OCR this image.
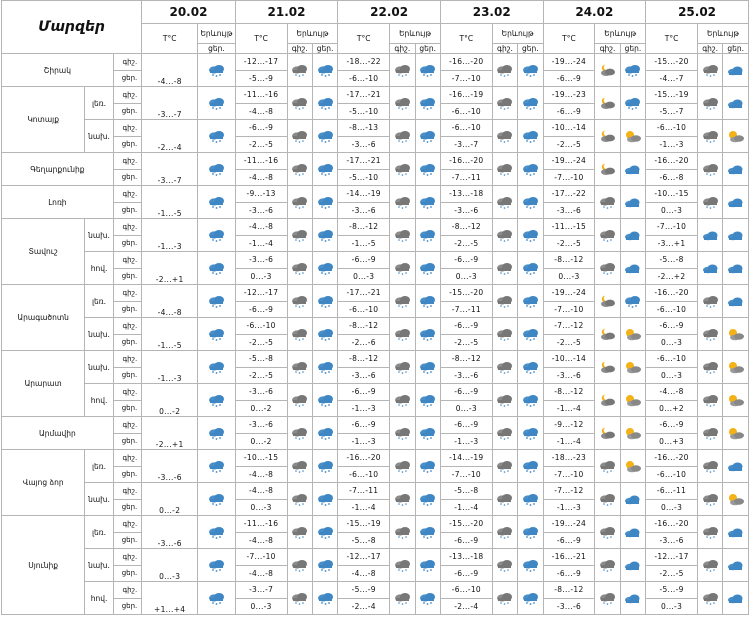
Մարզեր			20.02		21.02			22.02			23.02			24.02			25.02		
			T°C	Երևույթ	T°C	Երևույթ		T°C	Երևույթ		T°C	Երևույթ		T°C	Երևույթ		T°C	Երևույթ	
				ցեր.		գիշ.	ցեր.		գիշ.	ցեր.		գիշ.	ցեր.		գիշ.	ցեր.		գիշ.	ցեր.
Շիրակ		գիշ.	-4...-8		-12...-17			-18...-22			-16...-20			-19...-24			-15...-20	

		ցեր.			-5...-9			-6...-10			-7...-10			-6...-9			-4...-7		
Կոտայք	լեռ.	գիշ.	-3...-7		-11...-16			-17...-21			-16...-19			-19...-23			-15...-19	

		ցեր.			-4...-8			-5...-10			-6...-10			-6...-9			-5...-7		
	նախ.	գիշ.	-2...-4		-6...-9			-8...-13			-6...-10			-10...-14			-6...-10	

		ցեր.			-2...-5			-3...-6			-3...-7			-2...-5			-1...-3		
Գեղարքունիք		գիշ.	-3...-7		-11...-16			-17...-21			-16...-20			-19...-24			-16...-20	

		ցեր.			-4...-8			-5...-10			-7...-11			-7...-10			-6...-8		
Լոռի		գիշ.	-1...-5		-9...-13			-14...-19			-13...-18			-17...-22			-10...-15	

		ցեր.			-3...-6			-3...-6			-3...-6			-3...-6			0...-3		
Տավուշ	նախ.	գիշ.	-1...-3		-4...-8			-8...-12			-8...-12			-11...-15			-7...-10	

		ցեր.			-1...-4			-1...-5			-2...-5			-2...-5			-3...+1		
	հով.	գիշ.	-2...+1		-3...-6			-6...-9			-6...-9			-8...-12			-5...-8	

		ցեր.			0...-3			0...-3			0...-3			0...-3			-2...+2		
Արագածոտն	լեռ.	գիշ.	-4...-8		-12...-17			-17...-21			-15...-20			-19...-24			-16...-20	

		ցեր.			-6...-9			-6...-10			-7...-11			-7...-10			-6...-10		
	նախ.	գիշ.	-1...-5		-6...-10			-8...-12			-6...-9			-7...-12			-6...-9	

		ցեր.			-2...-5			-2...-6			-2...-5			-2...-5			0...-3		
Արարատ	նախ.	գիշ.	-1...-3		-5...-8			-8...-12			-8...-12			-10...-14			-6...-10	

		ցեր.			-2...-5			-3...-6			-3...-6			-3...-6			0...-3		
	հով.	գիշ.	0...-2		-3...-6			-6...-9			-6...-9			-8...-12			-4...-8	

		ցեր.			0...-2			-1...-3			0...-3			-1...-4			0...+2		
Արմավիր		գիշ.	-2...+1		-3...-6			-6...-9			-6...-9			-9...-12			-6...-9	

		ցեր.			0...-2			-1...-3			-1...-3			-1...-4			0...+3		
Վայոց ձոր	լեռ.	գիշ.	-3...-6		-10...-15			-16...-20			-14...-19			-18...-23			-16...-20	

		ցեր.			-4...-8			-6...-10			-7...-10			-7...-10			-6...-10		
	նախ.	գիշ.	0...-2		-4...-8			-7...-11			-5...-8			-7...-12			-6...-11	

		ցեր.			0...-3			-1...-4			-1...-4			-1...-3			0...-3		
Սյունիք	լեռ.	գիշ.	-3...-6		-11...-16			-15...-19			-15...-20			-19...-24			-16...-20	

		ցեր.			-4...-8			-5...-8			-6...-9			-6...-9			-3...-6		
	նախ.	գիշ.	0...-3		-7...-10			-12...-17			-13...-18			-16...-21			-12...-17	

		ցեր.			-4...-8			-4...-8			-6...-9			-6...-9			-2...-5		
	հով.	գիշ.	+1...+4		-3...-7			-5...-9			-6...-10			-8...-12			-5...-9	

		ցեր.			0...-3			-2...-4			-2...-4			-3...-6			0...-3		
